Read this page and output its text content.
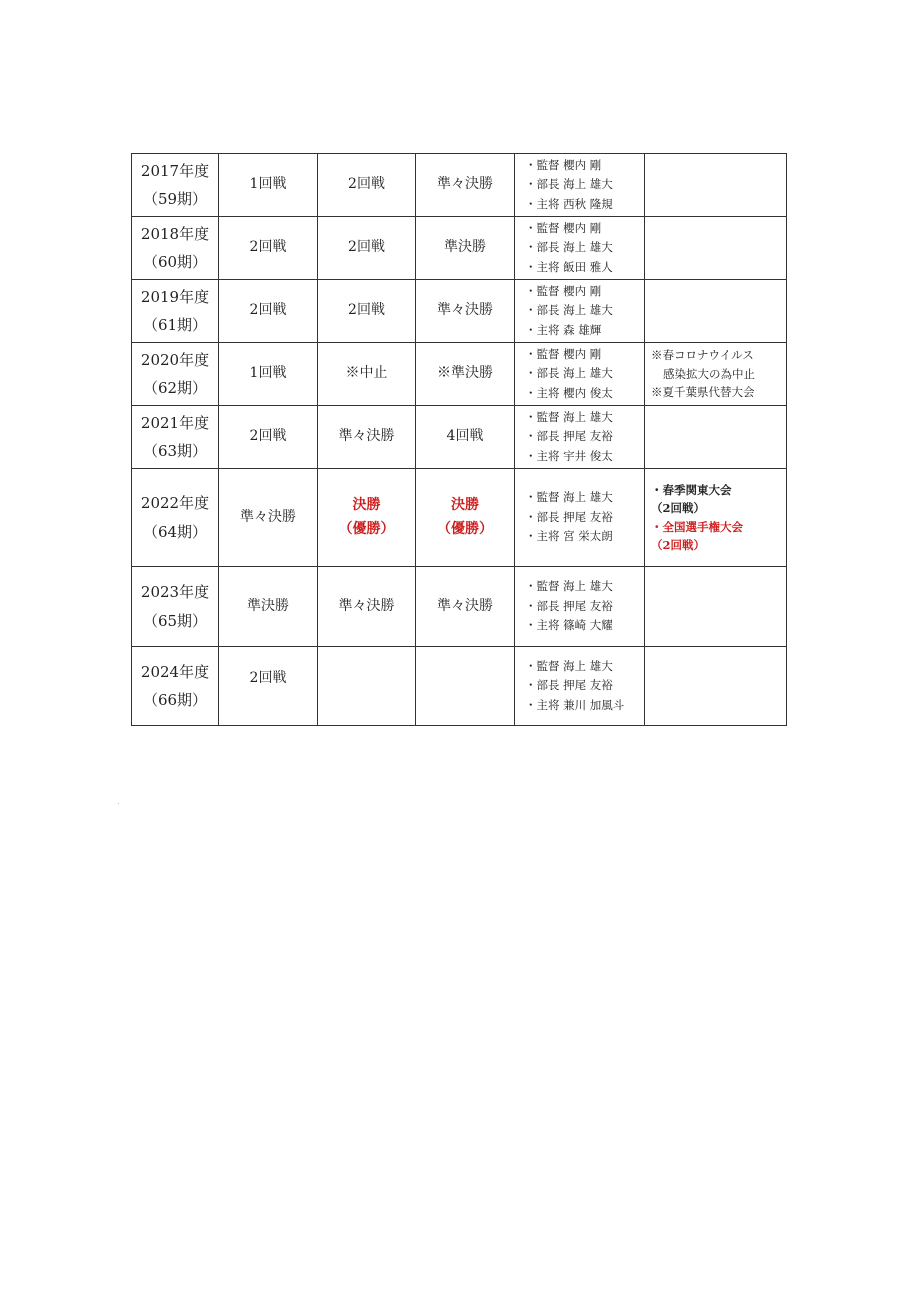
2017年度
（59期）	1回戦	2回戦	準々決勝	・監督 櫻内 剛
・部長 海上 雄大
・主将 西秋 隆規	

2018年度
（60期）	2回戦	2回戦	準決勝	・監督 櫻内 剛
・部長 海上 雄大
・主将 飯田 雅人	

2019年度
（61期）	2回戦	2回戦	準々決勝	・監督 櫻内 剛
・部長 海上 雄大
・主将 森 雄輝	

2020年度
（62期）	1回戦	※中止	※準決勝	・監督 櫻内 剛
・部長 海上 雄大
・主将 櫻内 俊太	※春コロナウイルス
感染拡大の為中止
※夏千葉県代替大会

2021年度
（63期）	2回戦	準々決勝	4回戦	・監督 海上 雄大
・部長 押尾 友裕
・主将 宇井 俊太	

2022年度
（64期）	準々決勝	決勝
（優勝）	決勝
（優勝）	・監督 海上 雄大
・部長 押尾 友裕
・主将 宮 栄太朗	・春季関東大会
（2回戦）
・全国選手権大会
（2回戦）

2023年度
（65期）	準決勝	準々決勝	準々決勝	・監督 海上 雄大
・部長 押尾 友裕
・主将 篠崎 大耀	

2024年度
（66期）	2回戦			・監督 海上 雄大
・部長 押尾 友裕
・主将 兼川 加風斗	
